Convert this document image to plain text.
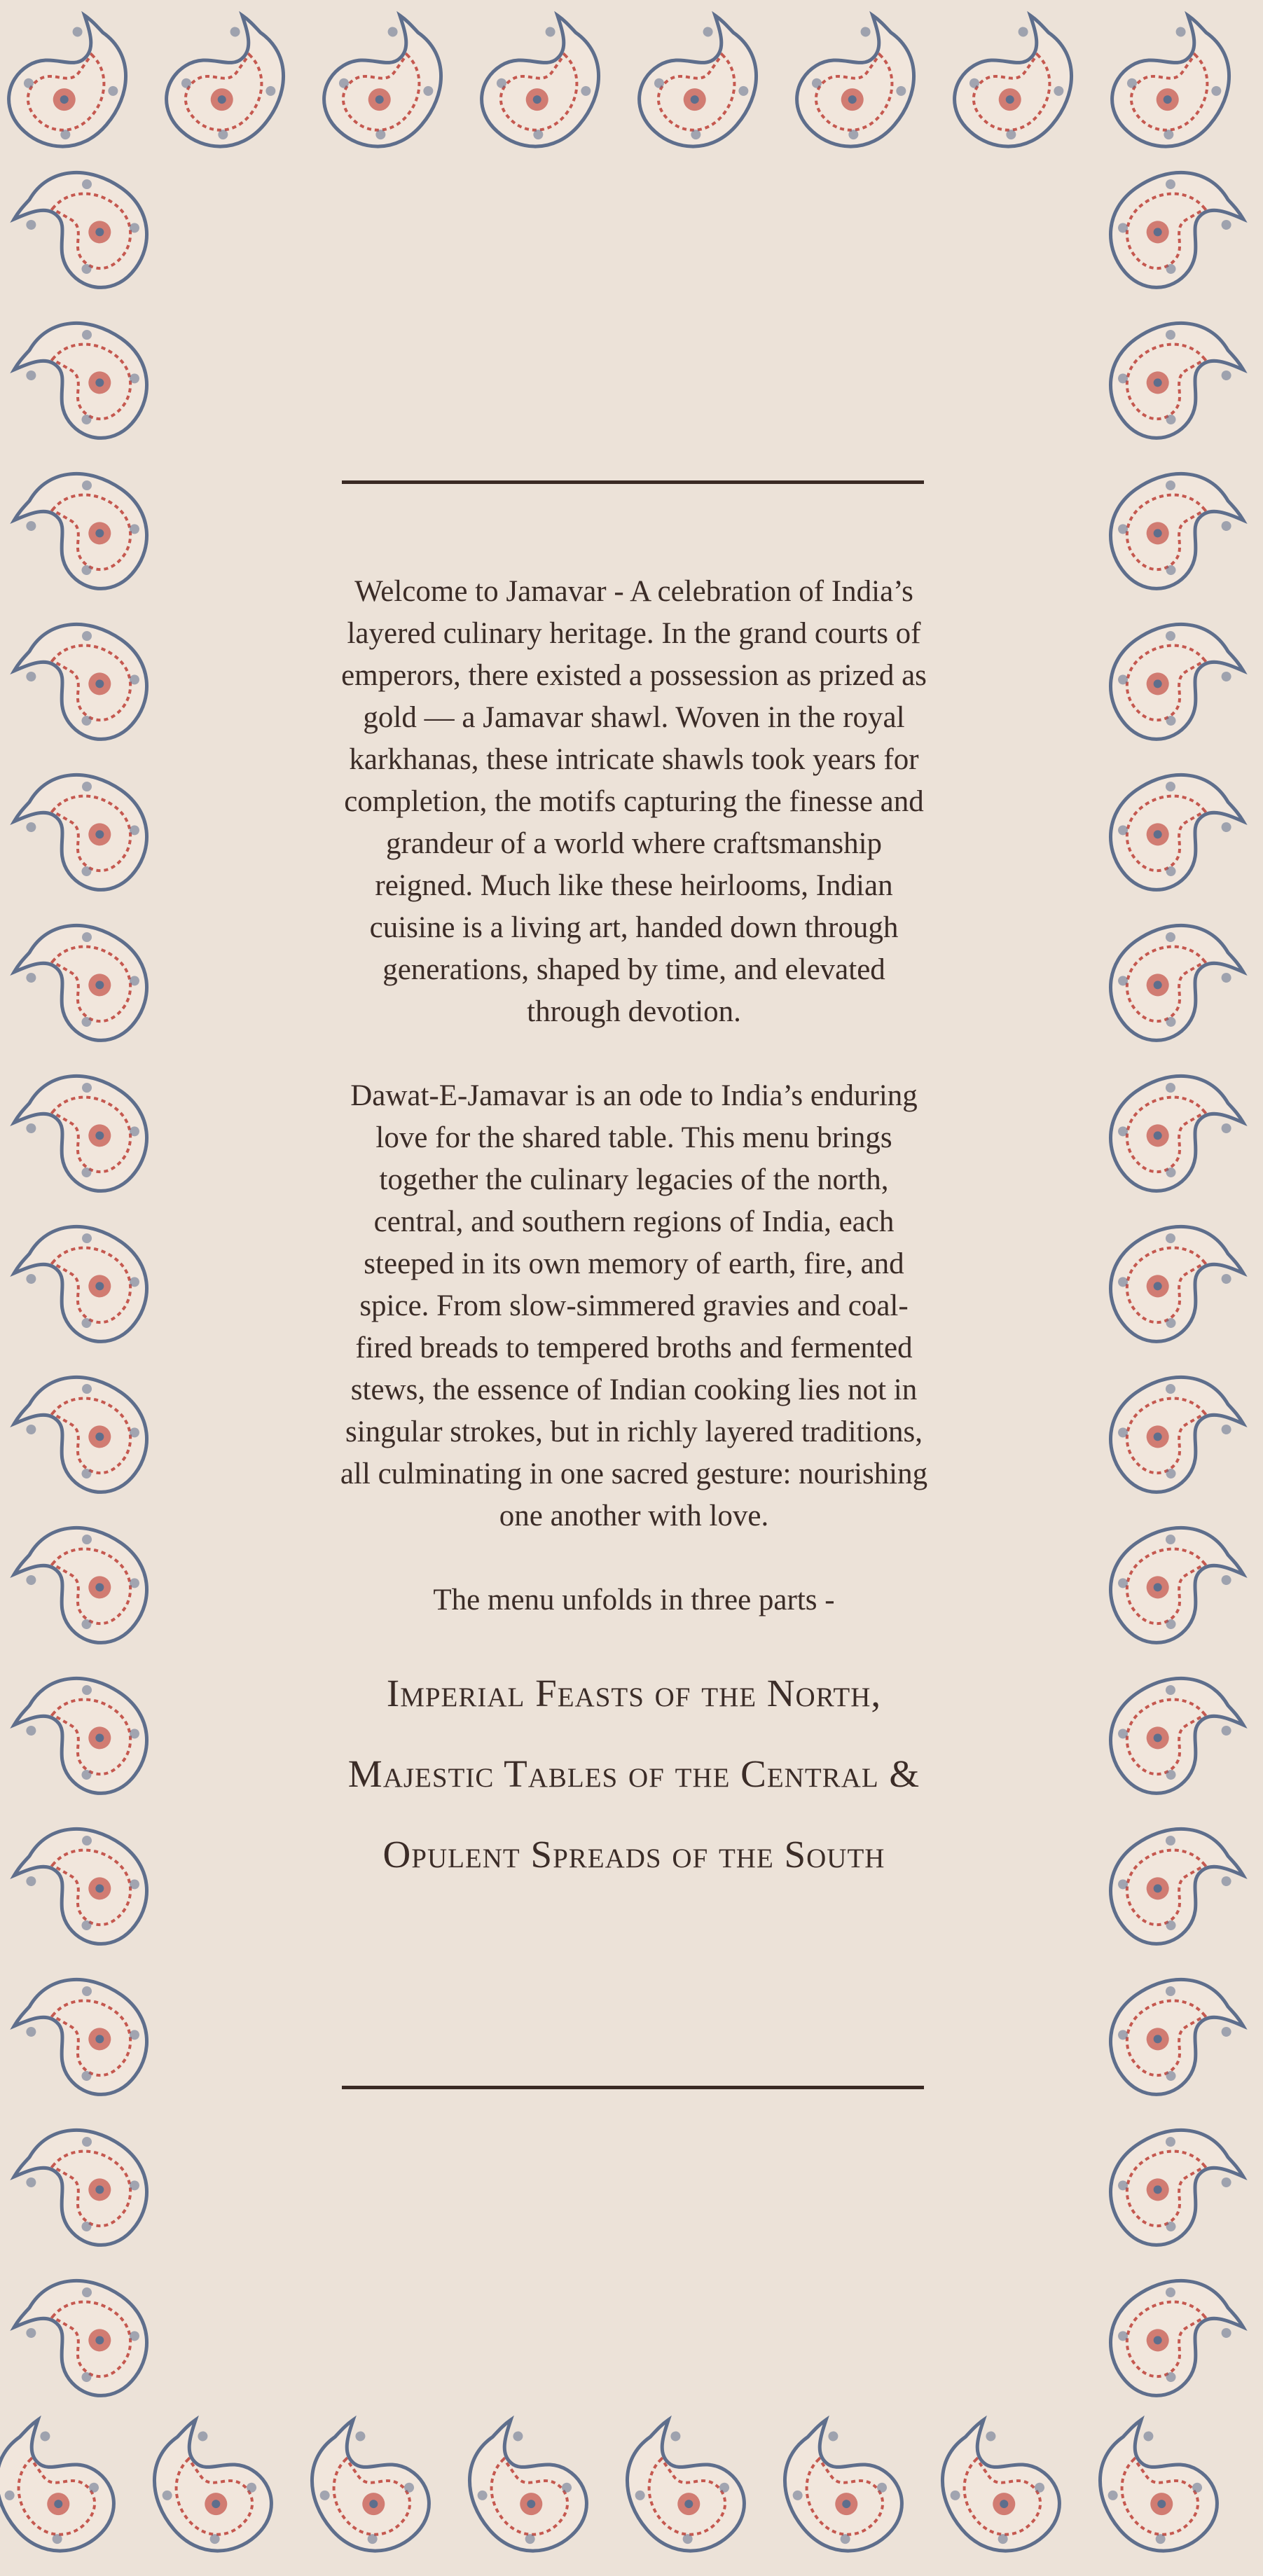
Welcome to Jamavar - A celebration of India’s layered culinary heritage. In the grand courts of emperors, there existed a possession as prized as gold — a Jamavar shawl. Woven in the royal karkhanas, these intricate shawls took years for completion, the motifs capturing the finesse and grandeur of a world where craftsmanship reigned. Much like these heirlooms, Indian cuisine is a living art, handed down through generations, shaped by time, and elevated through devotion.

Dawat-E-Jamavar is an ode to India’s enduring love for the shared table. This menu brings together the culinary legacies of the north, central, and southern regions of India, each steeped in its own memory of earth, fire, and spice. From slow-simmered gravies and coal-fired breads to tempered broths and fermented stews, the essence of Indian cooking lies not in singular strokes, but in richly layered traditions, all culminating in one sacred gesture: nourishing one another with love.

The menu unfolds in three parts -

Imperial Feasts of the North,

Majestic Tables of the Central &

Opulent Spreads of the South
